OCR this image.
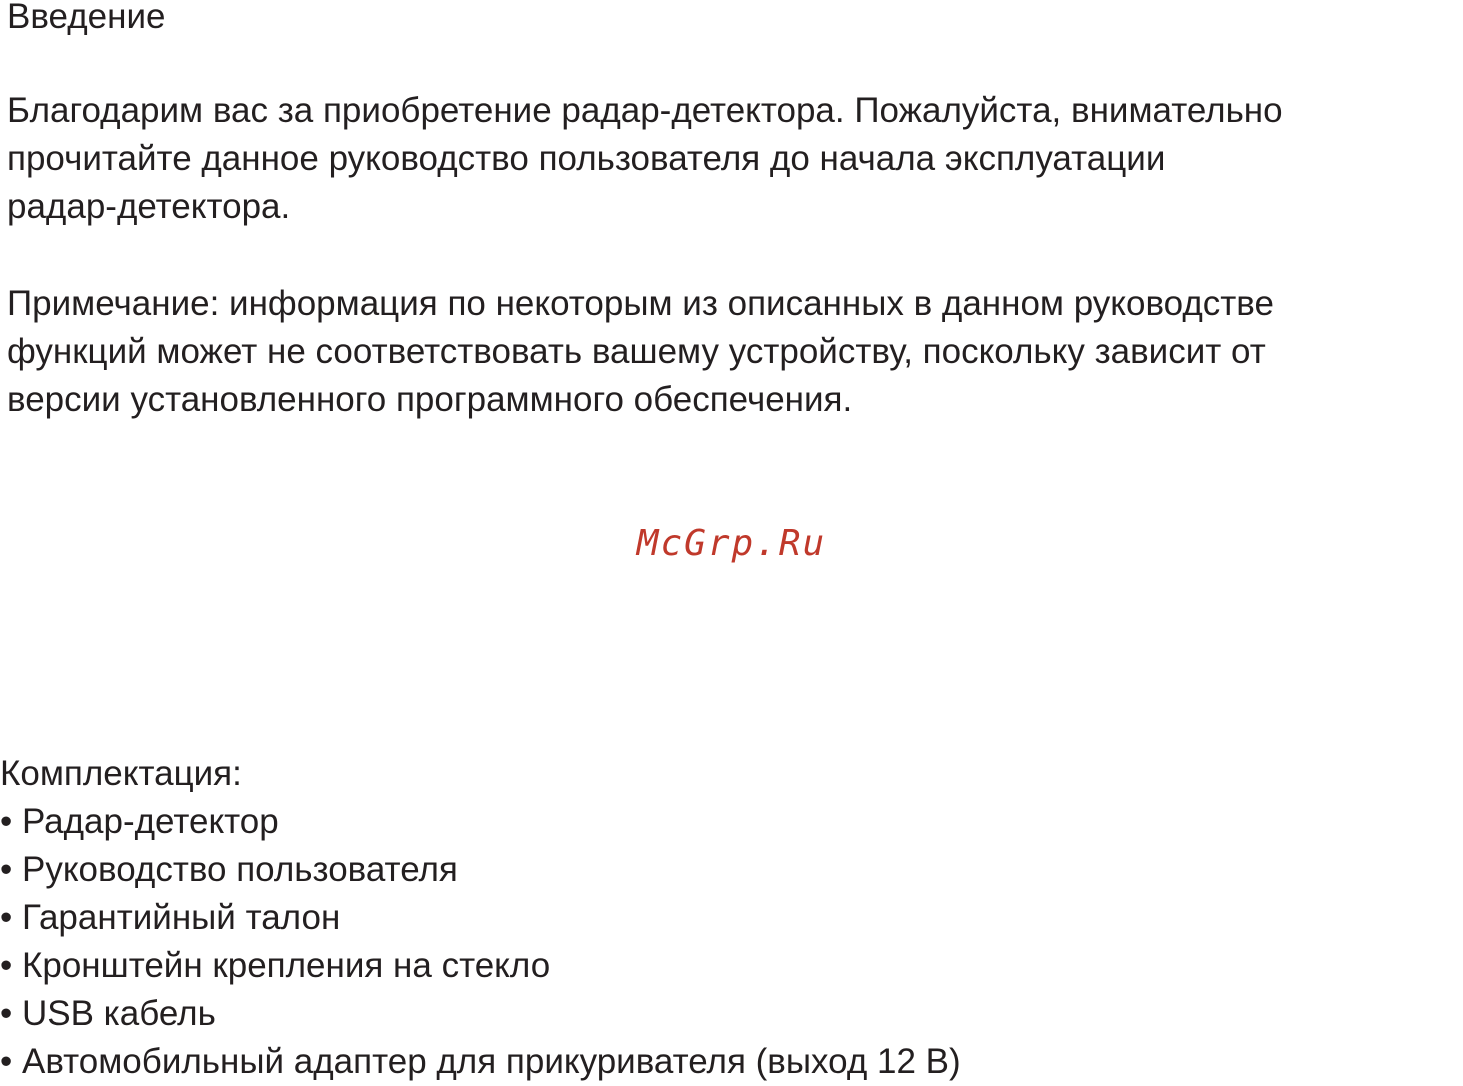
Введение
Благодарим вас за приобретение радар-детектора. Пожалуйста, внимательно
прочитайте данное руководство пользователя до начала эксплуатации
радар-детектора.
Примечание: информация по некоторым из описанных в данном руководстве
функций может не соответствовать вашему устройству, поскольку зависит от
версии установленного программного обеспечения.
McGrp.Ru
Комплектация:
• Радар-детектор
• Руководство пользователя
• Гарантийный талон
• Кронштейн крепления на стекло
• USB кабель
• Автомобильный адаптер для прикуривателя (выход 12 В)
